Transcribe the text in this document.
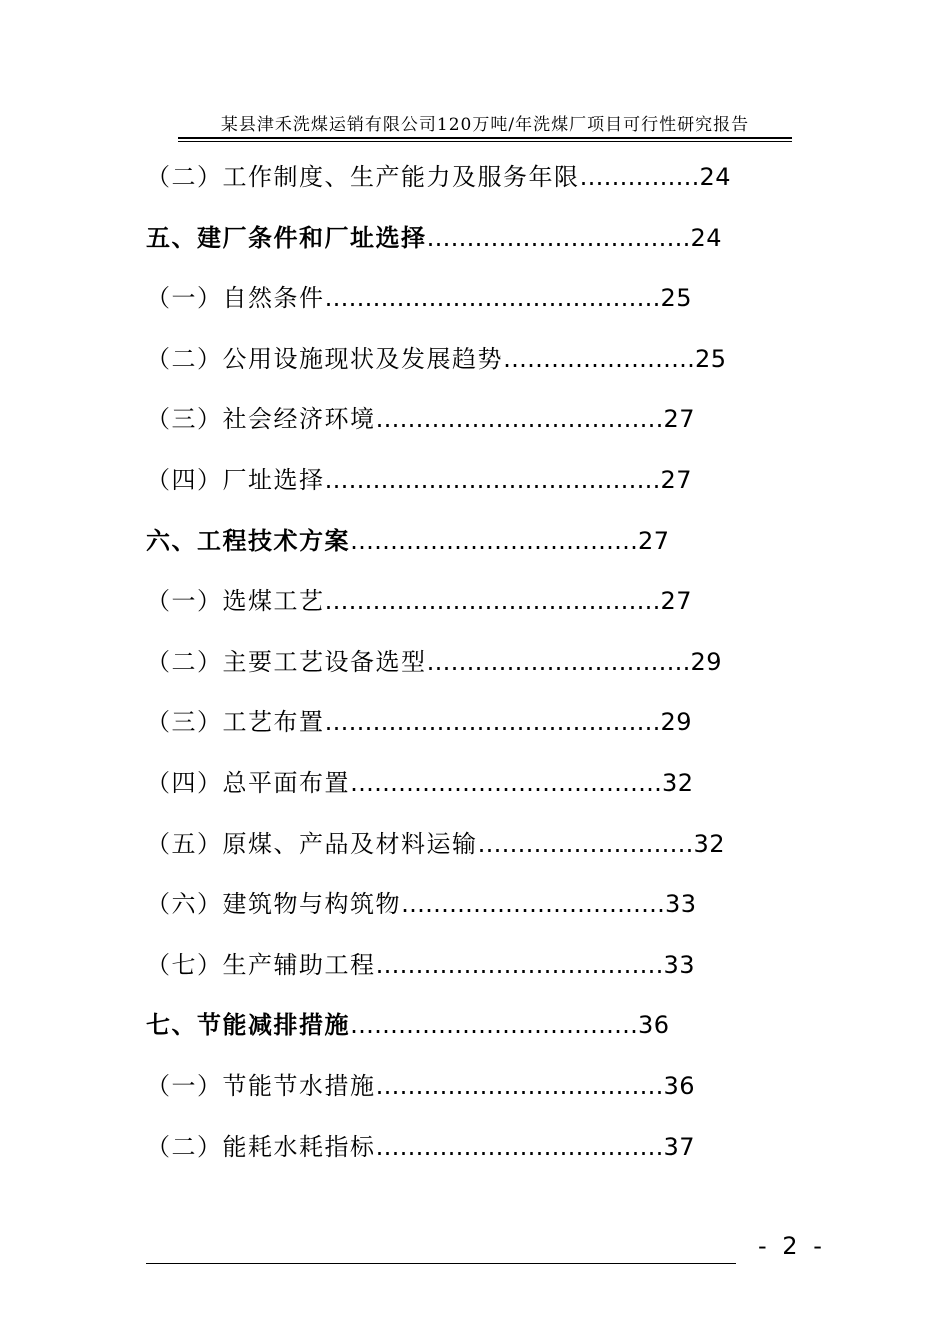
某县津禾洗煤运销有限公司120万吨/年洗煤厂项目可行性研究报告
（二）工作制度、生产能力及服务年限……………24
五、建厂条件和厂址选择……………………………24
（一）自然条件……………………………………25
（二）公用设施现状及发展趋势……………………25
（三）社会经济环境………………………………27
（四）厂址选择……………………………………27
六、工程技术方案………………………………27
（一）选煤工艺……………………………………27
（二）主要工艺设备选型……………………………29
（三）工艺布置……………………………………29
（四）总平面布置…………………………………32
（五）原煤、产品及材料运输………………………32
（六）建筑物与构筑物……………………………33
（七）生产辅助工程………………………………33
七、节能减排措施………………………………36
（一）节能节水措施………………………………36
（二）能耗水耗指标………………………………37
- 2 -
